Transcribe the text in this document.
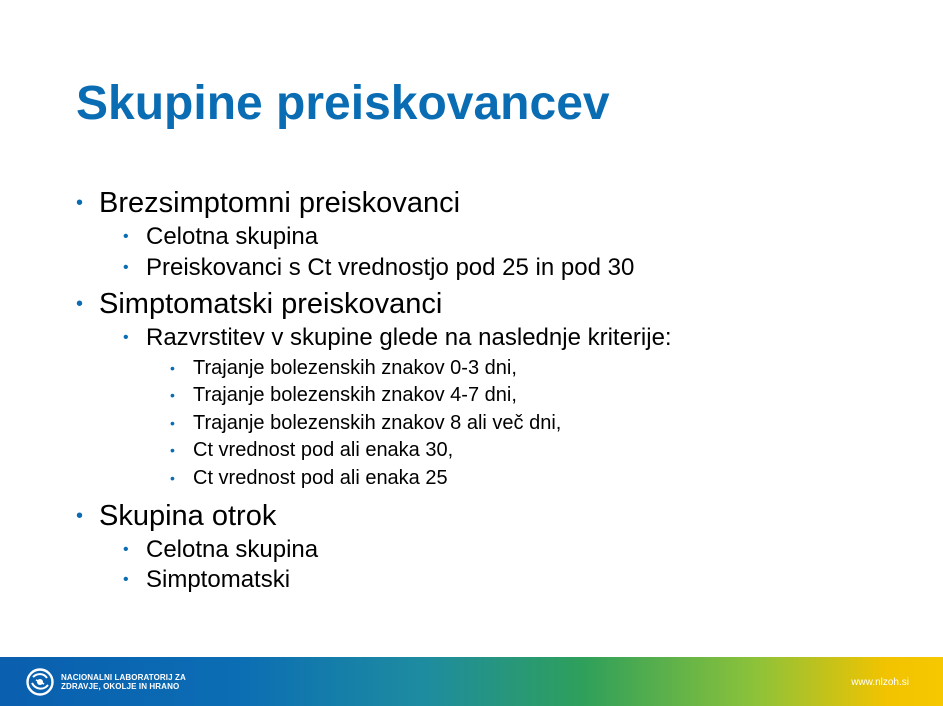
Skupine preiskovancev
• Brezsimptomni preiskovanci
• Celotna skupina
• Preiskovanci s Ct vrednostjo pod 25 in pod 30
• Simptomatski preiskovanci
• Razvrstitev v skupine glede na naslednje kriterije:
• Trajanje bolezenskih znakov 0-3 dni,
• Trajanje bolezenskih znakov 4-7 dni,
• Trajanje bolezenskih znakov 8 ali več dni,
• Ct vrednost pod ali enaka 30,
• Ct vrednost pod ali enaka 25
• Skupina otrok
• Celotna skupina
• Simptomatski
NACIONALNI LABORATORIJ ZA
ZDRAVJE, OKOLJE IN HRANO	www.nlzoh.si
